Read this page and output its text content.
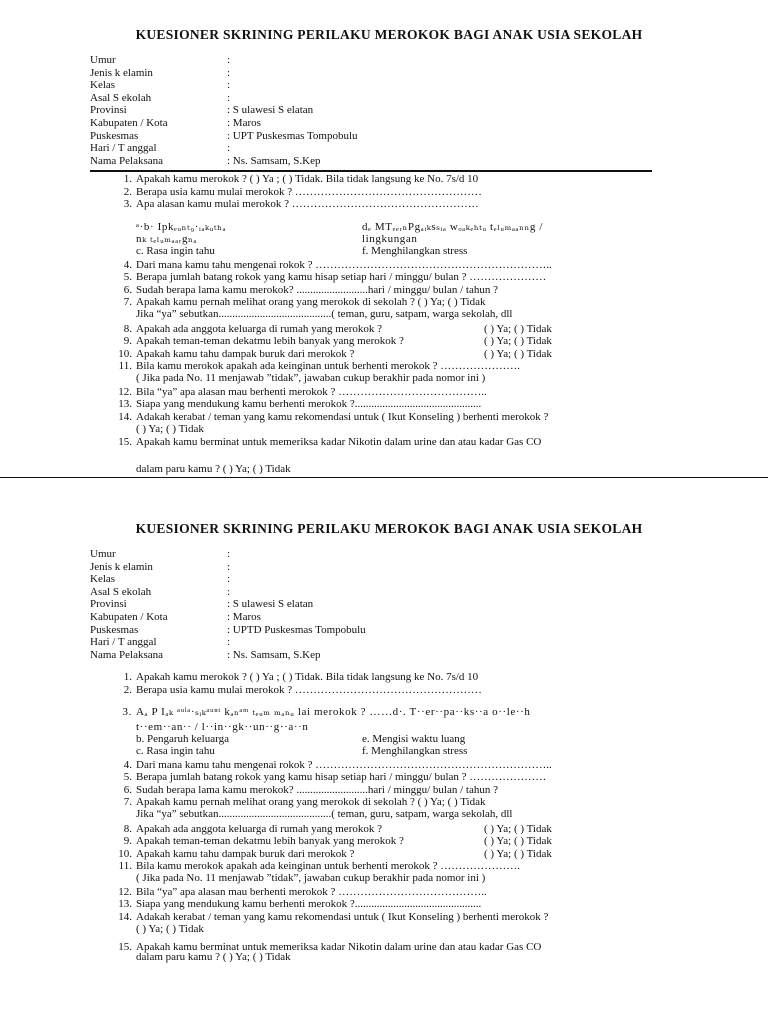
KUESIONER SKRINING PERILAKU MEROKOK BAGI ANAK USIA SEKOLAH
Umur	:
Jenis k elamin	:
Kelas	:
Asal S ekolah	:
Provinsi	: S ulawesi S elatan
Kabupaten / Kota	: Maros
Puskesmas	: UPT Puskesmas Tompobulu
Hari / T anggal	:
Nama Pelaksana	: Ns. Samsam, S.Kep
1. Apakah kamu merokok ? ( ) Ya ; ( ) Tidak. Bila tidak langsung ke No. 7s/d 10
2. Berapa usia kamu mulai merokok ? ……………………………………………
3. Apa alasan kamu mulai merokok ? ……………………………………………
ᵃ·b· Ipkₑᵤₙₜ₉·ᵢₐₖᵤₜₕₐ	dₑ MTₑₑᵣₙPgₐᵢₖsₛᵢₐ wₒₐₖₑₕₜᵤ tₑₗᵤₘₐₐₙₙg /
nₖ ₜₑₗᵤₘₐₐᵣgₙₐ	lingkungan
c. Rasa ingin tahu	f. Menghilangkan stress
4. Dari mana kamu tahu mengenai rokok ? ………………………………………………………..
5. Berapa jumlah batang rokok yang kamu hisap setiap hari / minggu/ bulan ? …………………
6. Sudah berapa lama kamu merokok? ..........................hari / minggu/ bulan / tahun ?
7. Apakah kamu pernah melihat orang yang merokok di sekolah ? ( ) Ya; ( ) Tidak
Jika “ya” sebutkan.........................................( teman, guru, satpam, warga sekolah, dll
8. Apakah ada anggota keluarga di rumah yang merokok ?	( ) Ya; ( ) Tidak
9. Apakah teman-teman dekatmu lebih banyak yang merokok ?	( ) Ya; ( ) Tidak
10. Apakah kamu tahu dampak buruk dari merokok ?	( ) Ya; ( ) Tidak
11. Bila kamu merokok apakah ada keinginan untuk berhenti merokok ? ………………….
( Jika pada No. 11 menjawab ”tidak”, jawaban cukup berakhir pada nomor ini )
12. Bila “ya” apa alasan mau berhenti merokok ? …………………………………..
13. Siapa yang mendukung kamu berhenti merokok ?..............................................
14. Adakah kerabat / teman yang kamu rekomendasi untuk ( Ikut Konseling ) berhenti merokok ?
( ) Ya; ( ) Tidak
15. Apakah kamu berminat untuk memeriksa kadar Nikotin dalam urine dan atau kadar Gas CO
dalam paru kamu ? ( ) Ya; ( ) Tidak
KUESIONER SKRINING PERILAKU MEROKOK BAGI ANAK USIA SEKOLAH
Umur	:
Jenis k elamin	:
Kelas	:
Asal S ekolah	:
Provinsi	: S ulawesi S elatan
Kabupaten / Kota	: Maros
Puskesmas	: UPTD Puskesmas Tompobulu
Hari / T anggal	:
Nama Pelaksana	: Ns. Samsam, S.Kep
1. Apakah kamu merokok ? ( ) Ya ; ( ) Tidak. Bila tidak langsung ke No. 7s/d 10
2. Berapa usia kamu mulai merokok ? ……………………………………………
3. Aₐ P Iₐₖ ᵃᵘˡᵃ·ₛᵢₖᵃᵘⁿᵗ kₐₙᵃᵐ ₜₑᵤₘ ₘₐₙᵤ lai merokok ? ……d·. T··er··pa··ks··a o··le··h
t··em··an·· / l··in··gk··un··g··a··n
b. Pengaruh keluarga	e. Mengisi waktu luang
c. Rasa ingin tahu	f. Menghilangkan stress
4. Dari mana kamu tahu mengenai rokok ? ………………………………………………………..
5. Berapa jumlah batang rokok yang kamu hisap setiap hari / minggu/ bulan ? …………………
6. Sudah berapa lama kamu merokok? ..........................hari / minggu/ bulan / tahun ?
7. Apakah kamu pernah melihat orang yang merokok di sekolah ? ( ) Ya; ( ) Tidak
Jika “ya” sebutkan.........................................( teman, guru, satpam, warga sekolah, dll
8. Apakah ada anggota keluarga di rumah yang merokok ?	( ) Ya; ( ) Tidak
9. Apakah teman-teman dekatmu lebih banyak yang merokok ?	( ) Ya; ( ) Tidak
10. Apakah kamu tahu dampak buruk dari merokok ?	( ) Ya; ( ) Tidak
11. Bila kamu merokok apakah ada keinginan untuk berhenti merokok ? ………………….
( Jika pada No. 11 menjawab ”tidak”, jawaban cukup berakhir pada nomor ini )
12. Bila “ya” apa alasan mau berhenti merokok ? …………………………………..
13. Siapa yang mendukung kamu berhenti merokok ?..............................................
14. Adakah kerabat / teman yang kamu rekomendasi untuk ( Ikut Konseling ) berhenti merokok ?
( ) Ya; ( ) Tidak
15. Apakah kamu berminat untuk memeriksa kadar Nikotin dalam urine dan atau kadar Gas CO
dalam paru kamu ? ( ) Ya; ( ) Tidak
